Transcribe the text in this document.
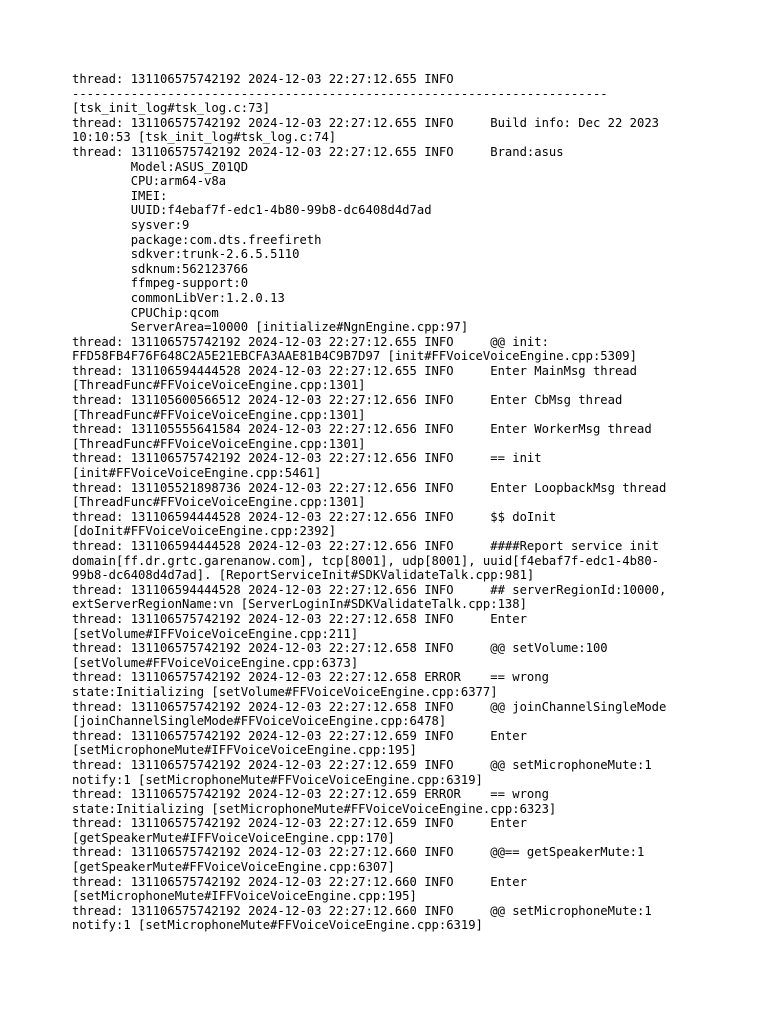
thread: 131106575742192 2024-12-03 22:27:12.655 INFO
-------------------------------------------------------------------------
[tsk_init_log#tsk_log.c:73]
thread: 131106575742192 2024-12-03 22:27:12.655 INFO     Build info: Dec 22 2023
10:10:53 [tsk_init_log#tsk_log.c:74]
thread: 131106575742192 2024-12-03 22:27:12.655 INFO     Brand:asus
Model:ASUS_Z01QD
CPU:arm64-v8a
IMEI:
UUID:f4ebaf7f-edc1-4b80-99b8-dc6408d4d7ad
sysver:9
package:com.dts.freefireth
sdkver:trunk-2.6.5.5110
sdknum:562123766
ffmpeg-support:0
commonLibVer:1.2.0.13
CPUChip:qcom
ServerArea=10000 [initialize#NgnEngine.cpp:97]
thread: 131106575742192 2024-12-03 22:27:12.655 INFO     @@ init:
FFD58FB4F76F648C2A5E21EBCFA3AAE81B4C9B7D97 [init#FFVoiceVoiceEngine.cpp:5309]
thread: 131106594444528 2024-12-03 22:27:12.655 INFO     Enter MainMsg thread
[ThreadFunc#FFVoiceVoiceEngine.cpp:1301]
thread: 131105600566512 2024-12-03 22:27:12.656 INFO     Enter CbMsg thread
[ThreadFunc#FFVoiceVoiceEngine.cpp:1301]
thread: 131105555641584 2024-12-03 22:27:12.656 INFO     Enter WorkerMsg thread
[ThreadFunc#FFVoiceVoiceEngine.cpp:1301]
thread: 131106575742192 2024-12-03 22:27:12.656 INFO     == init
[init#FFVoiceVoiceEngine.cpp:5461]
thread: 131105521898736 2024-12-03 22:27:12.656 INFO     Enter LoopbackMsg thread
[ThreadFunc#FFVoiceVoiceEngine.cpp:1301]
thread: 131106594444528 2024-12-03 22:27:12.656 INFO     $$ doInit
[doInit#FFVoiceVoiceEngine.cpp:2392]
thread: 131106594444528 2024-12-03 22:27:12.656 INFO     ####Report service init
domain[ff.dr.grtc.garenanow.com], tcp[8001], udp[8001], uuid[f4ebaf7f-edc1-4b80-
99b8-dc6408d4d7ad]. [ReportServiceInit#SDKValidateTalk.cpp:981]
thread: 131106594444528 2024-12-03 22:27:12.656 INFO     ## serverRegionId:10000,
extServerRegionName:vn [ServerLoginIn#SDKValidateTalk.cpp:138]
thread: 131106575742192 2024-12-03 22:27:12.658 INFO     Enter
[setVolume#IFFVoiceVoiceEngine.cpp:211]
thread: 131106575742192 2024-12-03 22:27:12.658 INFO     @@ setVolume:100
[setVolume#FFVoiceVoiceEngine.cpp:6373]
thread: 131106575742192 2024-12-03 22:27:12.658 ERROR    == wrong
state:Initializing [setVolume#FFVoiceVoiceEngine.cpp:6377]
thread: 131106575742192 2024-12-03 22:27:12.658 INFO     @@ joinChannelSingleMode
[joinChannelSingleMode#FFVoiceVoiceEngine.cpp:6478]
thread: 131106575742192 2024-12-03 22:27:12.659 INFO     Enter
[setMicrophoneMute#IFFVoiceVoiceEngine.cpp:195]
thread: 131106575742192 2024-12-03 22:27:12.659 INFO     @@ setMicrophoneMute:1
notify:1 [setMicrophoneMute#FFVoiceVoiceEngine.cpp:6319]
thread: 131106575742192 2024-12-03 22:27:12.659 ERROR    == wrong
state:Initializing [setMicrophoneMute#FFVoiceVoiceEngine.cpp:6323]
thread: 131106575742192 2024-12-03 22:27:12.659 INFO     Enter
[getSpeakerMute#IFFVoiceVoiceEngine.cpp:170]
thread: 131106575742192 2024-12-03 22:27:12.660 INFO     @@== getSpeakerMute:1
[getSpeakerMute#FFVoiceVoiceEngine.cpp:6307]
thread: 131106575742192 2024-12-03 22:27:12.660 INFO     Enter
[setMicrophoneMute#IFFVoiceVoiceEngine.cpp:195]
thread: 131106575742192 2024-12-03 22:27:12.660 INFO     @@ setMicrophoneMute:1
notify:1 [setMicrophoneMute#FFVoiceVoiceEngine.cpp:6319]
